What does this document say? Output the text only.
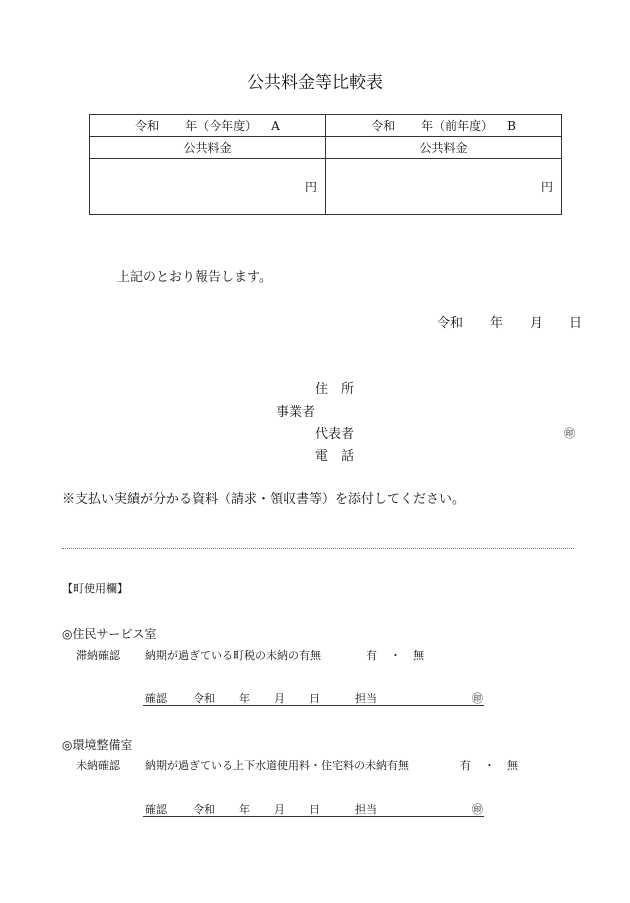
公共料金等比較表
令和 年（今年度） A	令和 年（前年度） B
公共料金	公共料金
円	円
上記のとおり報告します。
令和 年 月 日
住　所
事業者
代表者	㊞
電　話
※支払い実績が分かる資料（請求・領収書等）を添付してください。
【町使用欄】
◎住民サービス室
滞納確認 納期が過ぎている町税の未納の有無	有 ・ 無
確認 令和 年 月 日	担当	㊞
◎環境整備室
未納確認 納期が過ぎている上下水道使用料・住宅料の未納有無	有 ・ 無
確認 令和 年 月 日	担当	㊞
